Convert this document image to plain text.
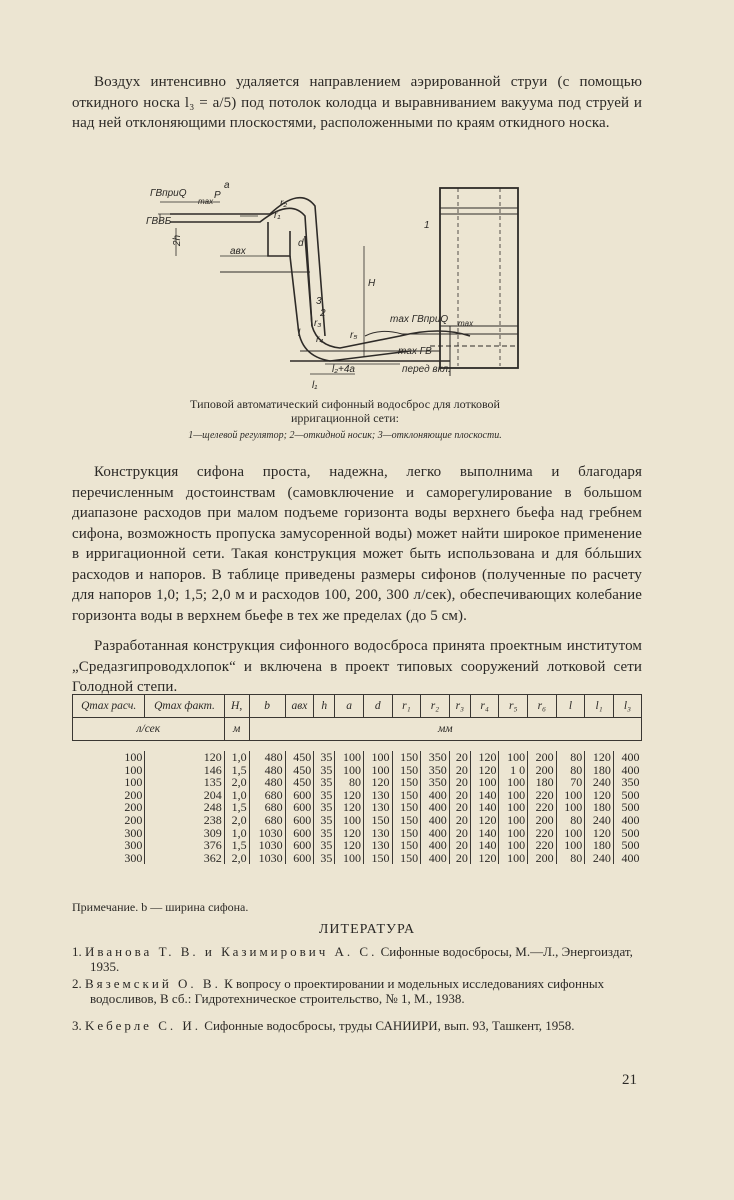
Воздух интенсивно удаляется направлением аэрированной струи (с помощью откидного носка l₃ = a/5) под потолок колодца и выравниванием вакуума под струей и над ней отклоняющими плоскостями, расположенными по краям откидного носка.

ГВприQ
max
P
a
ГВВБ
2h
aвх
r₂
r₁
d
H
3
2
r₃
l
r₄	r₅
max ГВприQ max
max ГВ
l₂+4a
l₁
перед вкл.
1
Типовой автоматический сифонный водосброс для лотковой ирригационной сети:
1—щелевой регулятор; 2—откидной носик; 3—отклоняющие плоскости.

Конструкция сифона проста, надежна, легко выполнима и благодаря перечисленным достоинствам (самовключение и саморегулирование в большом диапазоне расходов при малом подъеме горизонта воды верхнего бьефа над гребнем сифона, возможность пропуска замусоренной воды) может найти широкое применение в ирригационной сети. Такая конструкция может быть использована и для бóльших расходов и напоров. В таблице приведены размеры сифонов (полученные по расчету для напоров 1,0; 1,5; 2,0 м и расходов 100, 200, 300 л/сек), обеспечивающих колебание горизонта воды в верхнем бьефе в тех же пределах (до 5 см).

Разработанная конструкция сифонного водосброса принята проектным институтом „Средазгипроводхлопок“ и включена в проект типовых сооружений лотковой сети Голодной степи.

Qmax расч.	Qmax факт.	H,	b	aвх	h	a	d	r₁	r₂	r₃	r₄	r₅	r₆	l	l₁	l₃
л/сек		м	мм													

100	120	1,0	480	450	35	100	100	150	350	20	120	100	200	80	120	400
100	146	1,5	480	450	35	100	100	150	350	20	120	1 0	200	80	180	400
100	135	2,0	480	450	35	80	120	150	350	20	100	100	180	70	240	350
200	204	1,0	680	600	35	120	130	150	400	20	140	100	220	100	120	500
200	248	1,5	680	600	35	120	130	150	400	20	140	100	220	100	180	500
200	238	2,0	680	600	35	100	150	150	400	20	120	100	200	80	240	400
300	309	1,0	1030	600	35	120	130	150	400	20	140	100	220	100	120	500
300	376	1,5	1030	600	35	120	130	150	400	20	140	100	220	100	180	500
300	362	2,0	1030	600	35	100	150	150	400	20	120	100	200	80	240	400
Примечание. b — ширина сифона.
ЛИТЕРАТУРА
1. Иванова Т. В. и Казимирович А. С. Сифонные водосбросы, М.—Л., Энергоиздат, 1935.
2. Вяземский О. В. К вопросу о проектировании и модельных исследованиях сифонных водосливов, В сб.: Гидротехническое строительство, № 1, М., 1938.
3. Keберле С. И. Сифонные водосбросы, труды САНИИРИ, вып. 93, Ташкент, 1958.
21
